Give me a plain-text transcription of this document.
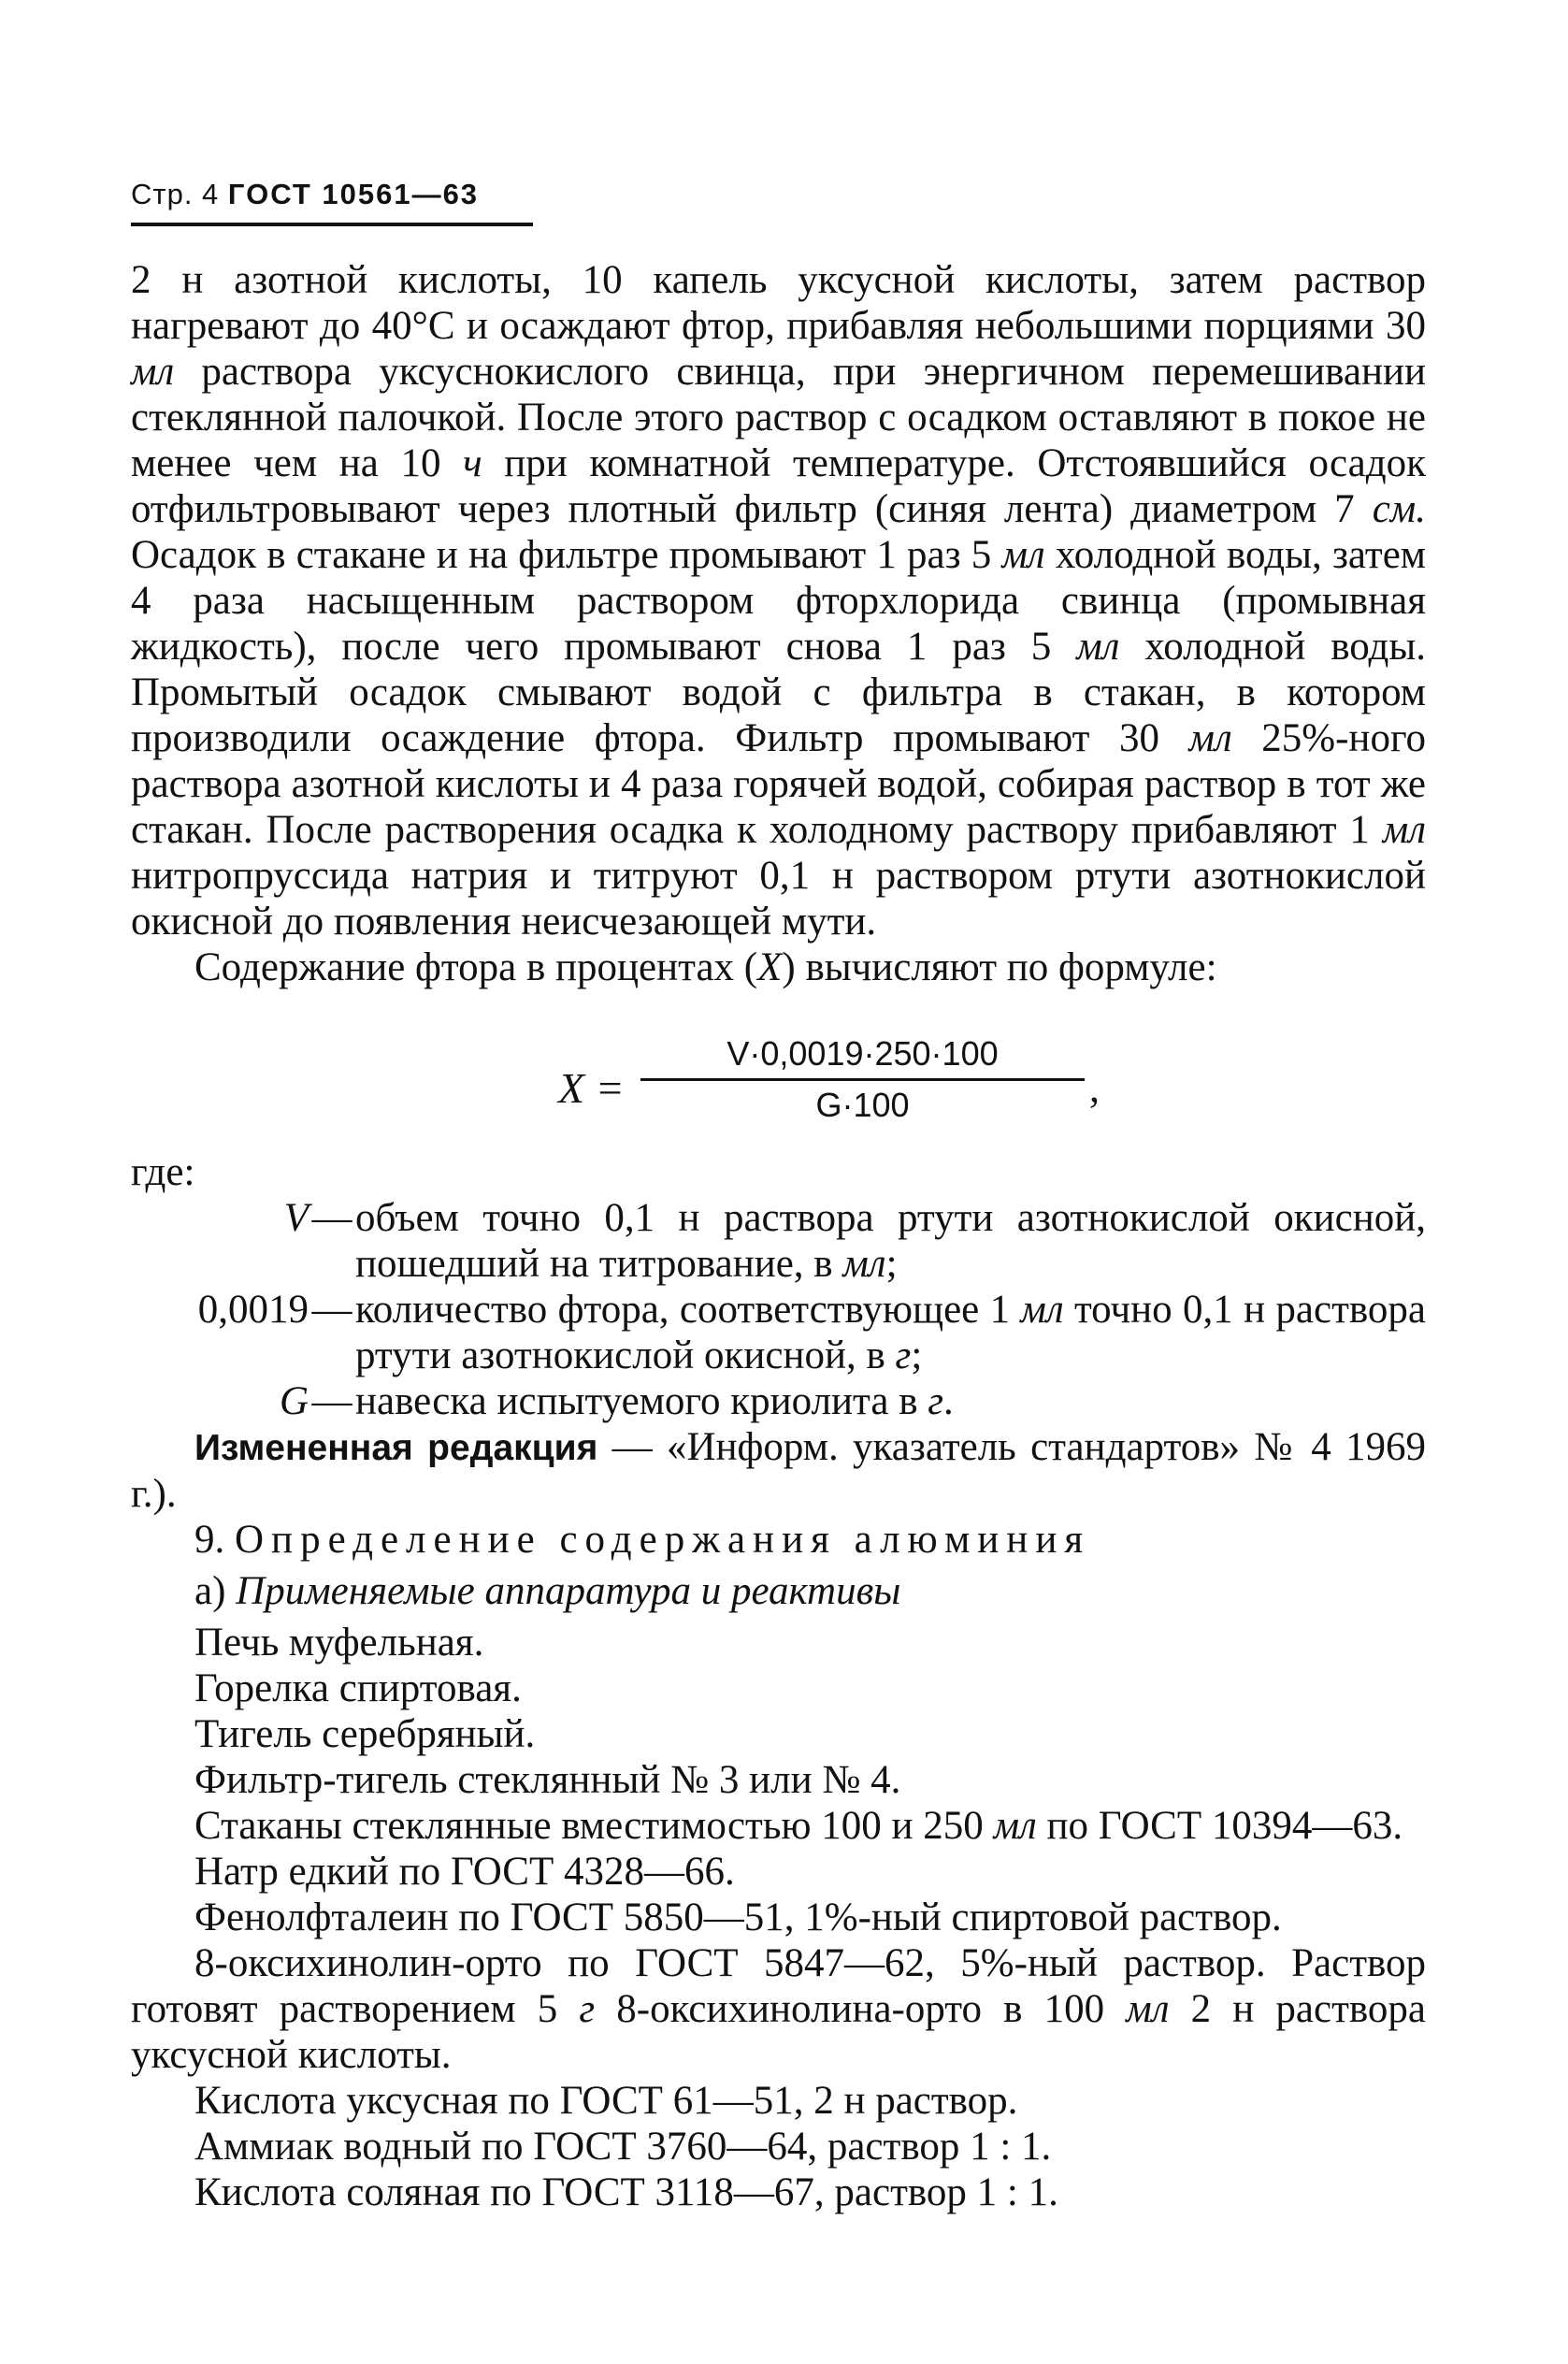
Стр. 4 ГОСТ 10561—63

2 н азотной кислоты, 10 капель уксусной кислоты, затем раствор нагревают до 40°С и осаждают фтор, прибавляя небольшими порциями 30 мл раствора уксуснокислого свинца, при энергичном перемешивании стеклянной палочкой. После этого раствор с осадком оставляют в покое не менее чем на 10 ч при комнатной температуре. Отстоявшийся осадок отфильтровывают через плотный фильтр (синяя лента) диаметром 7 см. Осадок в стакане и на фильтре промывают 1 раз 5 мл холодной воды, затем 4 раза насыщенным раствором фторхлорида свинца (промывная жидкость), после чего промывают снова 1 раз 5 мл холодной воды. Промытый осадок смывают водой с фильтра в стакан, в котором производили осаждение фтора. Фильтр промывают 30 мл 25%-ного раствора азотной кислоты и 4 раза горячей водой, собирая раствор в тот же стакан. После растворения осадка к холодному раствору прибавляют 1 мл нитропруссида натрия и титруют 0,1 н раствором ртути азотнокислой окисной до появления неисчезающей мути.

Содержание фтора в процентах (X) вычисляют по формуле:

X =
V·0,0019·250·100
G·100	,

где:

V	—	объем точно 0,1 н раствора ртути азотнокислой окисной, пошедший на титрование, в мл;
0,0019	—	количество фтора, соответствующее 1 мл точно 0,1 н раствора ртути азотнокислой окисной, в г;
G	—	навеска испытуемого криолита в г.

Измененная редакция — «Информ. указатель стандартов» № 4 1969 г.).

9. Определение содержания алюминия

а) Применяемые аппаратура и реактивы

Печь муфельная.

Горелка спиртовая.

Тигель серебряный.

Фильтр-тигель стеклянный № 3 или № 4.

Стаканы стеклянные вместимостью 100 и 250 мл по ГОСТ 10394—63.

Натр едкий по ГОСТ 4328—66.

Фенолфталеин по ГОСТ 5850—51, 1%-ный спиртовой раствор.

8-оксихинолин-орто по ГОСТ 5847—62, 5%-ный раствор. Раствор готовят растворением 5 г 8-оксихинолина-орто в 100 мл 2 н раствора уксусной кислоты.

Кислота уксусная по ГОСТ 61—51, 2 н раствор.

Аммиак водный по ГОСТ 3760—64, раствор 1 : 1.

Кислота соляная по ГОСТ 3118—67, раствор 1 : 1.
